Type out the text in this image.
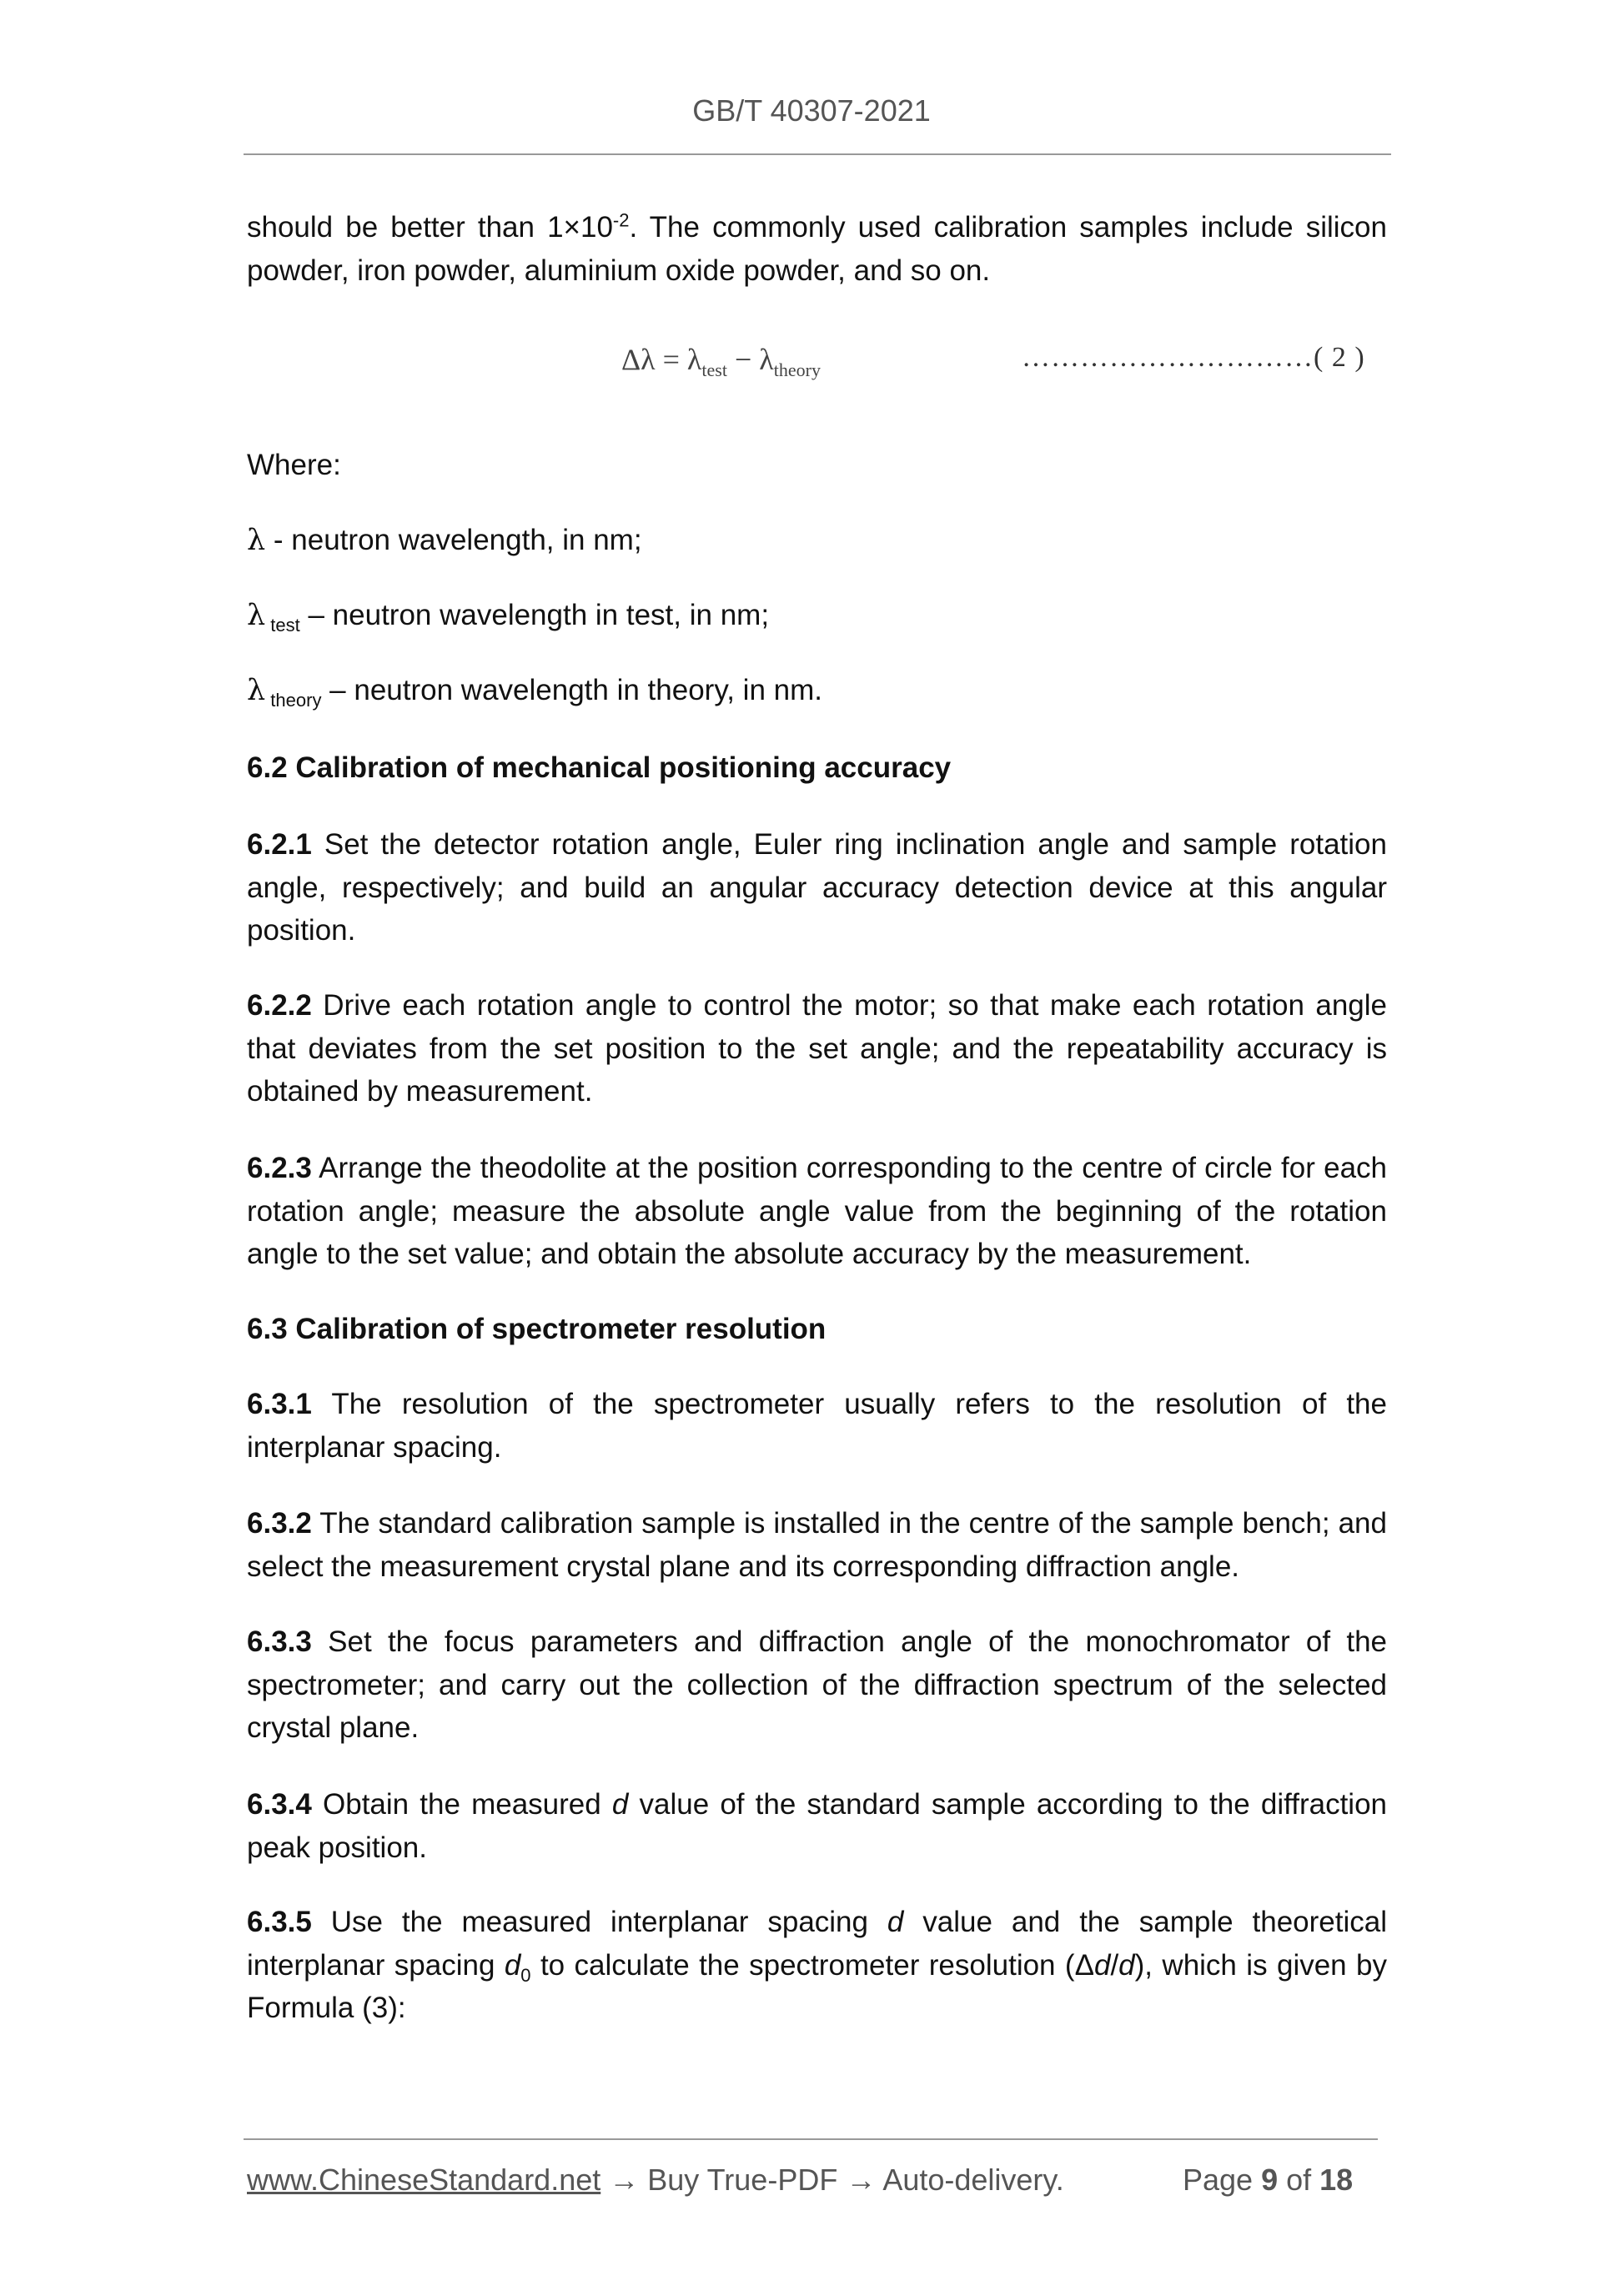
GB/T 40307-2021
should be better than $1\times 10^{-2}$. The commonly used calibration samples include silicon powder, iron powder, aluminium oxide powder, and so on.
$\Delta\lambda = \lambda_{test} - \lambda_{theory}$	…………………………( 2 )
Where:
λ - neutron wavelength, in nm;
λ $_{test}$ – neutron wavelength in test, in nm;
λ $_{theory}$ – neutron wavelength in theory, in nm.
6.2 Calibration of mechanical positioning accuracy
6.2.1 Set the detector rotation angle, Euler ring inclination angle and sample rotation angle, respectively; and build an angular accuracy detection device at this angular position.
6.2.2 Drive each rotation angle to control the motor; so that make each rotation angle that deviates from the set position to the set angle; and the repeatability accuracy is obtained by measurement.
6.2.3 Arrange the theodolite at the position corresponding to the centre of circle for each rotation angle; measure the absolute angle value from the beginning of the rotation angle to the set value; and obtain the absolute accuracy by the measurement.
6.3 Calibration of spectrometer resolution
6.3.1 The resolution of the spectrometer usually refers to the resolution of the interplanar spacing.
6.3.2 The standard calibration sample is installed in the centre of the sample bench; and select the measurement crystal plane and its corresponding diffraction angle.
6.3.3 Set the focus parameters and diffraction angle of the monochromator of the spectrometer; and carry out the collection of the diffraction spectrum of the selected crystal plane.
6.3.4 Obtain the measured d value of the standard sample according to the diffraction peak position.
6.3.5 Use the measured interplanar spacing d value and the sample theoretical interplanar spacing $d_0$ to calculate the spectrometer resolution (Δd/d), which is given by Formula (3):
www.ChineseStandard.net → Buy True-PDF → Auto-delivery.	Page 9 of 18
